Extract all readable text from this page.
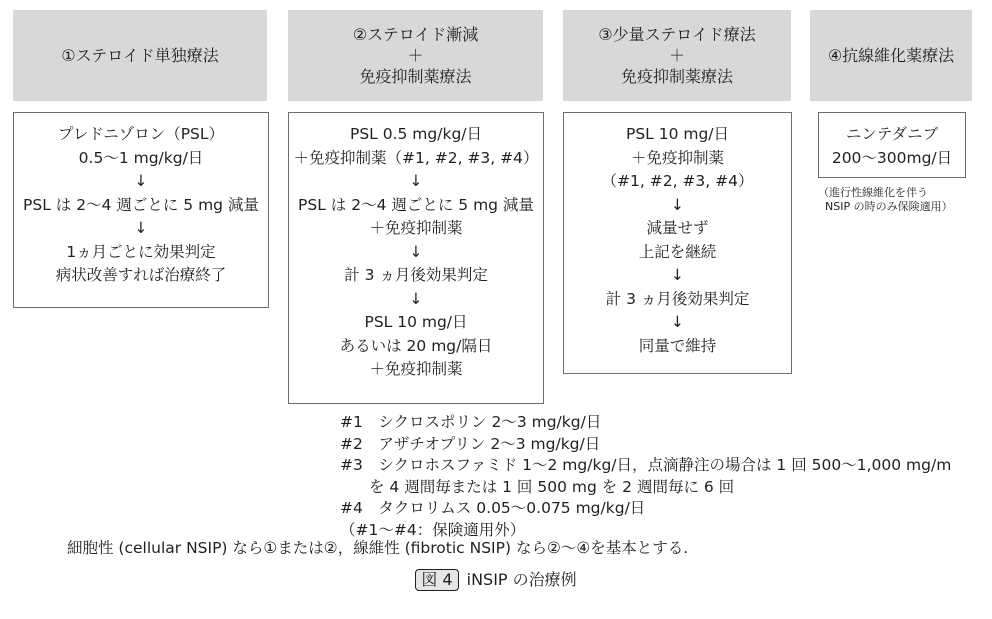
①ステロイド単独療法
②ステロイド漸減
＋
免疫抑制薬療法
③少量ステロイド療法
＋
免疫抑制薬療法
④抗線維化薬療法
プレドニゾロン（PSL）
0.5〜1 mg/kg/日
↓
PSL は 2〜4 週ごとに 5 mg 減量
↓
1ヵ月ごとに効果判定
病状改善すれば治療終了
PSL 0.5 mg/kg/日
＋免疫抑制薬（#1, #2, #3, #4）
↓
PSL は 2〜4 週ごとに 5 mg 減量
＋免疫抑制薬
↓
計 3 ヵ月後効果判定
↓
PSL 10 mg/日
あるいは 20 mg/隔日
＋免疫抑制薬
PSL 10 mg/日
＋免疫抑制薬
（#1, #2, #3, #4）
↓
減量せず
上記を継続
↓
計 3 ヵ月後効果判定
↓
同量で維持
ニンテダニブ
200〜300mg/日
（進行性線維化を伴う
NSIP の時のみ保険適用）
#1　シクロスポリン 2〜3 mg/kg/日
#2　アザチオプリン 2〜3 mg/kg/日
#3　シクロホスファミド 1〜2 mg/kg/日，点滴静注の場合は 1 回 500〜1,000 mg/m
を 4 週間毎または 1 回 500 mg を 2 週間毎に 6 回
#4　タクロリムス 0.05〜0.075 mg/kg/日
（#1〜#4：保険適用外）
細胞性 (cellular NSIP) なら①または②，線維性 (fibrotic NSIP) なら②〜④を基本とする.
図 4 iNSIP の治療例
